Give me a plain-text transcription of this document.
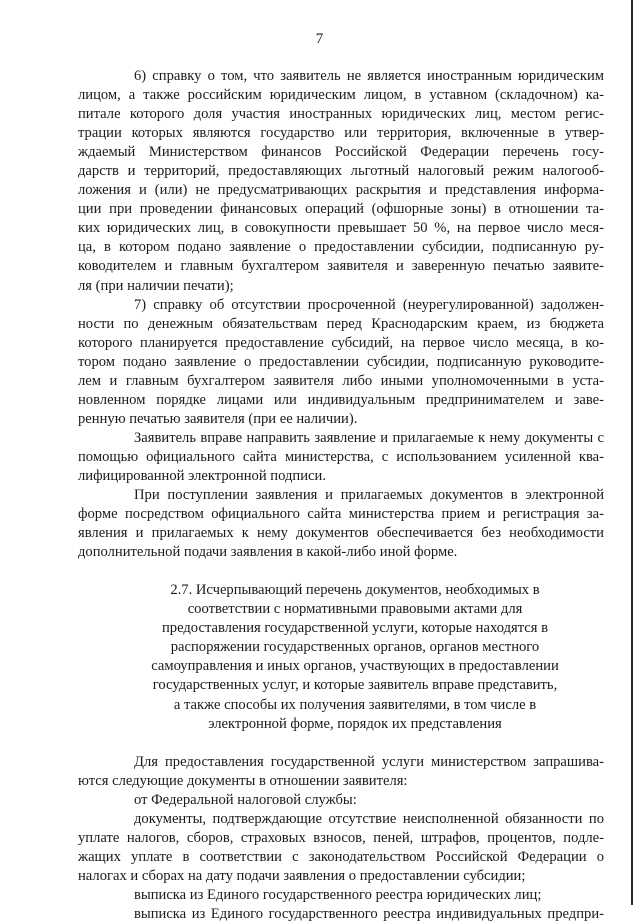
7
6) справку о том, что заявитель не является иностранным юридическим
лицом, а также российским юридическим лицом, в уставном (складочном) ка-
питале которого доля участия иностранных юридических лиц, местом регис-
трации которых являются государство или территория, включенные в утвер-
ждаемый Министерством финансов Российской Федерации перечень госу-
дарств и территорий, предоставляющих льготный налоговый режим налогооб-
ложения и (или) не предусматривающих раскрытия и представления информа-
ции при проведении финансовых операций (офшорные зоны) в отношении та-
ких юридических лиц, в совокупности превышает 50 %, на первое число меся-
ца, в котором подано заявление о предоставлении субсидии, подписанную ру-
ководителем и главным бухгалтером заявителя и заверенную печатью заявите-
ля (при наличии печати);
7) справку об отсутствии просроченной (неурегулированной) задолжен-
ности по денежным обязательствам перед Краснодарским краем, из бюджета
которого планируется предоставление субсидий, на первое число месяца, в ко-
тором подано заявление о предоставлении субсидии, подписанную руководите-
лем и главным бухгалтером заявителя либо иными уполномоченными в уста-
новленном порядке лицами или индивидуальным предпринимателем и заве-
ренную печатью заявителя (при ее наличии).
Заявитель вправе направить заявление и прилагаемые к нему документы с
помощью официального сайта министерства, с использованием усиленной ква-
лифицированной электронной подписи.
При поступлении заявления и прилагаемых документов в электронной
форме посредством официального сайта министерства прием и регистрация за-
явления и прилагаемых к нему документов обеспечивается без необходимости
дополнительной подачи заявления в какой-либо иной форме.
2.7. Исчерпывающий перечень документов, необходимых в
соответствии с нормативными правовыми актами для
предоставления государственной услуги, которые находятся в
распоряжении государственных органов, органов местного
самоуправления и иных органов, участвующих в предоставлении
государственных услуг, и которые заявитель вправе представить,
а также способы их получения заявителями, в том числе в
электронной форме, порядок их представления
Для предоставления государственной услуги министерством запрашива-
ются следующие документы в отношении заявителя:
от Федеральной налоговой службы:
документы, подтверждающие отсутствие неисполненной обязанности по
уплате налогов, сборов, страховых взносов, пеней, штрафов, процентов, подле-
жащих уплате в соответствии с законодательством Российской Федерации о
налогах и сборах на дату подачи заявления о предоставлении субсидии;
выписка из Единого государственного реестра юридических лиц;
выписка из Единого государственного реестра индивидуальных предпри-
